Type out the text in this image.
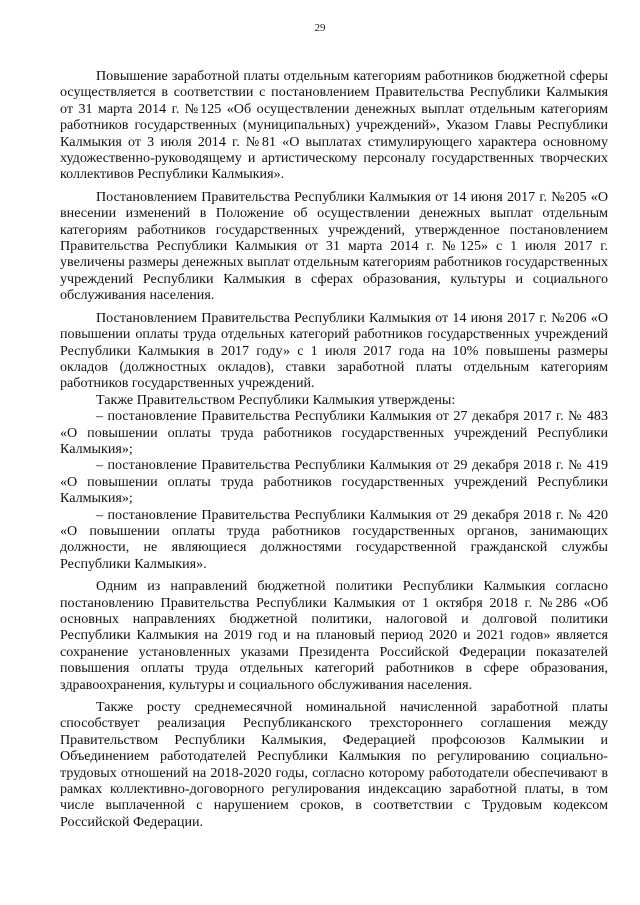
29

Повышение заработной платы отдельным категориям работников бюджетной сферы осуществляется в соответствии с постановлением Правительства Республики Калмыкия от 31 марта 2014 г. №125 «Об осуществлении денежных выплат отдельным категориям работников государственных (муниципальных) учреждений», Указом Главы Республики Калмыкия от 3 июля 2014 г. №81 «О выплатах стимулирующего характера основному художественно-руководящему и артистическому персоналу государственных творческих коллективов Республики Калмыкия».

Постановлением Правительства Республики Калмыкия от 14 июня 2017 г. №205 «О внесении изменений в Положение об осуществлении денежных выплат отдельным категориям работников государственных учреждений, утвержденное постановлением Правительства Республики Калмыкия от 31 марта 2014 г. №125» с 1 июля 2017 г. увеличены размеры денежных выплат отдельным категориям работников государственных учреждений Республики Калмыкия в сферах образования, культуры и социального обслуживания населения.

Постановлением Правительства Республики Калмыкия от 14 июня 2017 г. №206 «О повышении оплаты труда отдельных категорий работников государственных учреждений Республики Калмыкия в 2017 году» с 1 июля 2017 года на 10% повышены размеры окладов (должностных окладов), ставки заработной платы отдельным категориям работников государственных учреждений.

Также Правительством Республики Калмыкия утверждены:

– постановление Правительства Республики Калмыкия от 27 декабря 2017 г. № 483 «О повышении оплаты труда работников государственных учреждений Республики Калмыкия»;

– постановление Правительства Республики Калмыкия от 29 декабря 2018 г. № 419 «О повышении оплаты труда работников государственных учреждений Республики Калмыкия»;

– постановление Правительства Республики Калмыкия от 29 декабря 2018 г. № 420 «О повышении оплаты труда работников государственных органов, занимающих должности, не являющиеся должностями государственной гражданской службы Республики Калмыкия».

Одним из направлений бюджетной политики Республики Калмыкия согласно постановлению Правительства Республики Калмыкия от 1 октября 2018 г. №286 «Об основных направлениях бюджетной политики, налоговой и долговой политики Республики Калмыкия на 2019 год и на плановый период 2020 и 2021 годов» является сохранение установленных указами Президента Российской Федерации показателей повышения оплаты труда отдельных категорий работников в сфере образования, здравоохранения, культуры и социального обслуживания населения.

Также росту среднемесячной номинальной начисленной заработной платы способствует реализация Республиканского трехстороннего соглашения между Правительством Республики Калмыкия, Федерацией профсоюзов Калмыкии и Объединением работодателей Республики Калмыкия по регулированию социально-трудовых отношений на 2018-2020 годы, согласно которому работодатели обеспечивают в рамках коллективно-договорного регулирования индексацию заработной платы, в том числе выплаченной с нарушением сроков, в соответствии с Трудовым кодексом Российской Федерации.
